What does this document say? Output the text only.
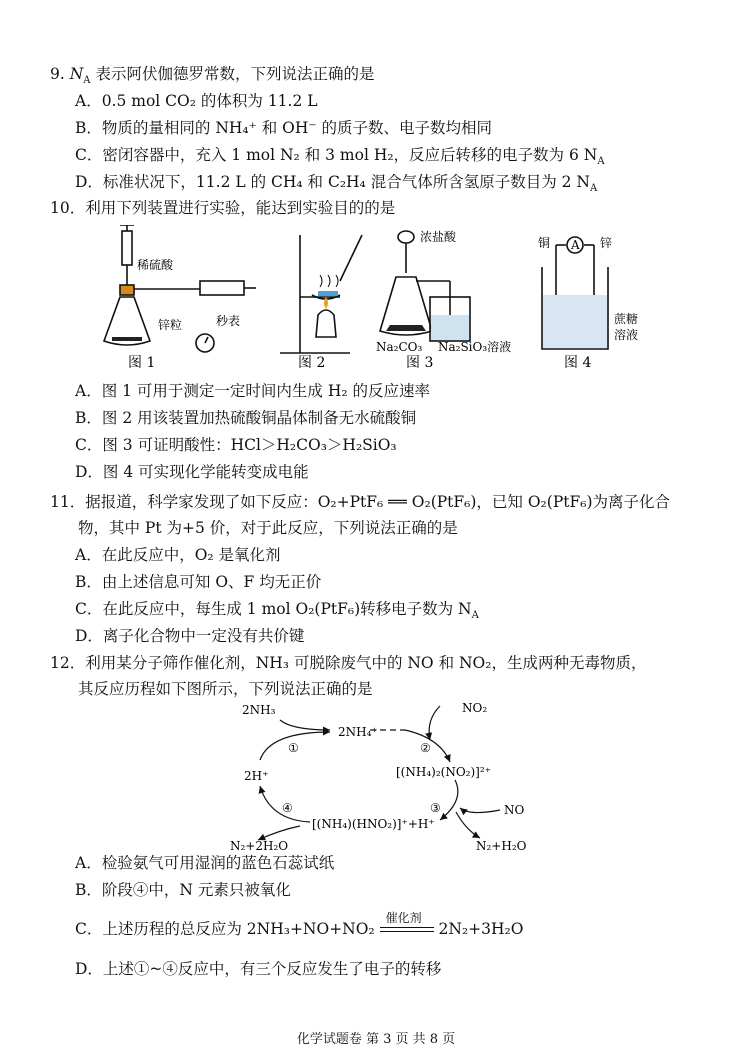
9. $N_A$ 表示阿伏伽德罗常数，下列说法正确的是
A．0.5 mol CO₂ 的体积为 11.2 L
B．物质的量相同的 NH₄⁺ 和 OH⁻ 的质子数、电子数均相同
C．密闭容器中，充入 1 mol N₂ 和 3 mol H₂，反应后转移的电子数为 6 $N_A$
D．标准状况下，11.2 L 的 CH₄ 和 C₂H₄ 混合气体所含氢原子数目为 2 $N_A$
10．利用下列装置进行实验，能达到实验目的的是
稀硫酸
锌粒	秒表
图 1	图 2
浓盐酸
Na₂CO₃ Na₂SiO₃溶液
图 3
A
铜	锌
蔗糖
溶液
图 4
A．图 1 可用于测定一定时间内生成 H₂ 的反应速率
B．图 2 用该装置加热硫酸铜晶体制备无水硫酸铜
C．图 3 可证明酸性：HCl＞H₂CO₃＞H₂SiO₃
D．图 4 可实现化学能转变成电能
11．据报道，科学家发现了如下反应：O₂+PtF₆ ══ O₂(PtF₆)，已知 O₂(PtF₆)为离子化合
物，其中 Pt 为+5 价，对于此反应，下列说法正确的是
A．在此反应中，O₂ 是氧化剂
B．由上述信息可知 O、F 均无正价
C．在此反应中，每生成 1 mol O₂(PtF₆)转移电子数为 $N_A$
D．离子化合物中一定没有共价键
12．利用某分子筛作催化剂，NH₃ 可脱除废气中的 NO 和 NO₂，生成两种无毒物质，
其反应历程如下图所示，下列说法正确的是
2NH₃
2NH₄⁺
NO₂
[(NH₄)₂(NO₂)]²⁺
NO
N₂+H₂O
[(NH₄)(HNO₂)]⁺+H⁺
2H⁺
N₂+2H₂O
①	②
③
④
A．检验氨气可用湿润的蓝色石蕊试纸
B．阶段④中，N 元素只被氧化
C．上述历程的总反应为 2NH₃+NO+NO₂
催化剂
2N₂+3H₂O
D．上述①~④反应中，有三个反应发生了电子的转移
化学试题卷 第 3 页 共 8 页
